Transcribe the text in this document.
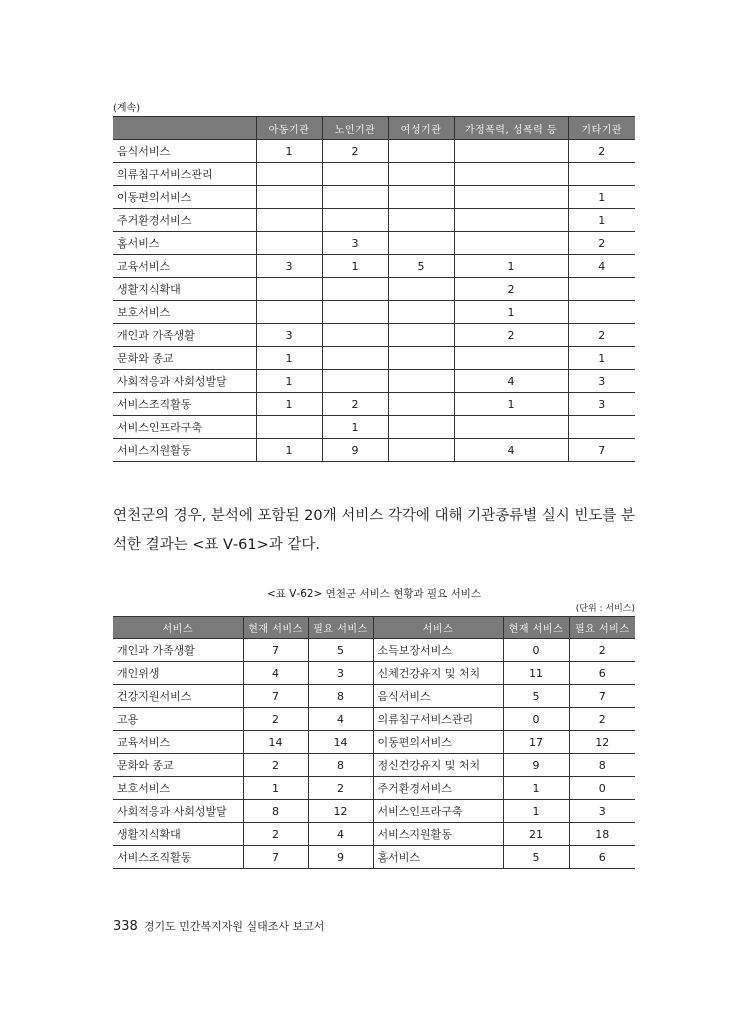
(계속)
	아동기관	노인기관	여성기관	가정폭력, 성폭력 등	기타기관
음식서비스	1	2			2
의류침구서비스관리					
이동편의서비스					1
주거환경서비스					1
홈서비스		3			2
교육서비스	3	1	5	1	4
생활지식확대				2	
보호서비스				1	
개인과 가족생활	3			2	2
문화와 종교	1				1
사회적응과 사회성발달	1			4	3
서비스조직활동	1	2		1	3
서비스인프라구축		1			
서비스지원활동	1	9		4	7

연천군의 경우, 분석에 포함된 20개 서비스 각각에 대해 기관종류별 실시 빈도를 분석한 결과는 <표 Ⅴ-61>과 같다.

<표 Ⅴ-62> 연천군 서비스 현황과 필요 서비스
(단위 : 서비스)
서비스	현재 서비스	필요 서비스	서비스	현재 서비스	필요 서비스
개인과 가족생활	7	5	소득보장서비스	0	2
개인위생	4	3	신체건강유지 및 처치	11	6
건강지원서비스	7	8	음식서비스	5	7
고용	2	4	의류침구서비스관리	0	2
교육서비스	14	14	이동편의서비스	17	12
문화와 종교	2	8	정신건강유지 및 처치	9	8
보호서비스	1	2	주거환경서비스	1	0
사회적응과 사회성발달	8	12	서비스인프라구축	1	3
생활지식확대	2	4	서비스지원활동	21	18
서비스조직활동	7	9	홈서비스	5	6
338 경기도 민간복지자원 실태조사 보고서
